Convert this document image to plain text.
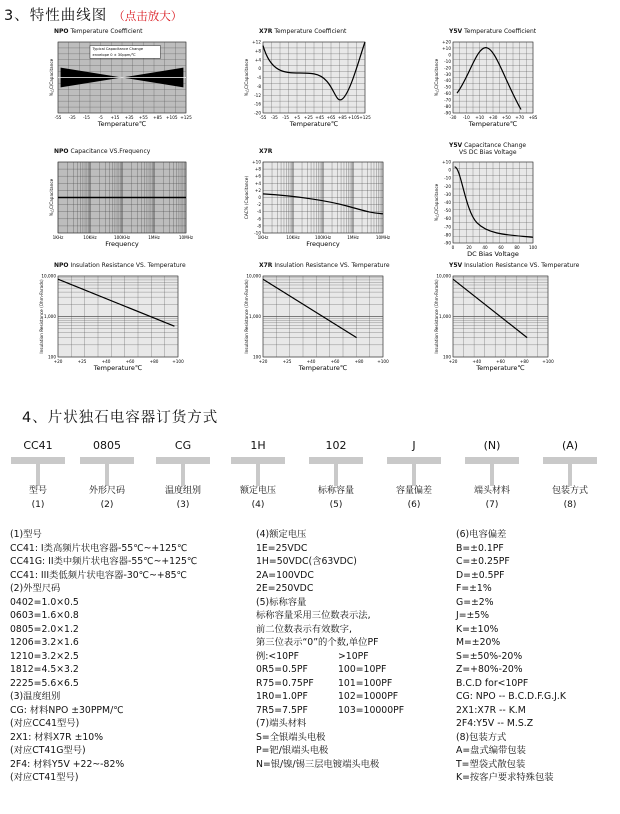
3、特性曲线图 （点击放大）
NPO Temperature Coefficient
Typical Capacitance Change
envelope 0 ± 30ppm/℃
-55 -35 -15 -5 +15 +35 +55 +85 +105 +125
Temperature℃
%△C/Capacitance
X7R Temperature Coefficient
+12
+8
+4
0
-4
-8
-12
-16
-20
-55 -35 -15 +5 +25 +45 +65 +85 +105 +125
Temperature℃
%△C/Capacitance
Y5V Temperature Coefficient
+20
+10
0
-10
-20
-30
-40
-50
-60
-70
-80
-90
-30 -10 +10 +30 +50 +70 +85
Temperature℃
%△C/Capacitance
NPO Capacitance VS.Frequency
1KHz	10KHz	100KHz	1MHz	10MHz
Frequency
%△C/Capacitance
X7R
+10
+8
+6
+4
+2
0
-2
-4
-6
-8
-10
1KHz	10KHz	100KHz	1MHz	10MHz
Frequency
CAC% (Capacitance)
Y5V Capacitance Change
VS DC Bias Voltage
+10
0
-10
-20
-30
-40
-50
-60
-70
-80
-90
0	20	40	60	80 100
DC Bias Voltage
%△C/Capacitance
NPO Insulation Resistance VS. Temperature
10,000
1,000
100
+20	+25	+40	+60	+80	+100
Temperature℃
Insulation Resistance (Ohm-Farads)
X7R Insulation Resistance VS. Temperature
10,000
1,000
100
+20	+25	+40	+60	+80	+100
Temperature℃
Insulation Resistance (Ohm-Farads)
Y5V Insulation Resistance VS. Temperature
10,000
1,000
100
+20	+40	+60	+80	+100
Temperature℃
Insulation Resistance (Ohm-Farads)
4、片状独石电容器订货方式
CC41
型号
(1)
0805
外形尺码
(2)
CG
温度组别
(3)
1H
额定电压
(4)
102
标称容量
(5)
J
容量偏差
(6)
(N)
端头材料
(7)
(A)
包装方式
(8)
(1)型号
CC41: I类高频片状电容器-55℃~+125℃
CC41G: II类中频片状电容器-55℃~+125℃
CC41: III类低频片状电容器-30℃~+85℃
(2)外型尺码
0402=1.0×0.5
0603=1.6×0.8
0805=2.0×1.2
1206=3.2×1.6
1210=3.2×2.5
1812=4.5×3.2
2225=5.6×6.5
(3)温度组别
CG: 材料NPO ±30PPM/℃
(对应CC41型号)
2X1: 材料X7R ±10%
(对应CT41G型号)
2F4: 材料Y5V +22~-82%
(对应CT41型号)
(4)额定电压
1E=25VDC
1H=50VDC(含63VDC)
2A=100VDC
2E=250VDC
(5)标称容量
标称容量采用三位数表示法,
前二位数表示有效数字,
第三位表示“0”的个数,单位PF
例:<10PF	>10PF
0R5=0.5PF	100=10PF
R75=0.75PF	101=100PF
1R0=1.0PF	102=1000PF
7R5=7.5PF	103=10000PF
(7)端头材料
S=全银端头电极
P=钯/银端头电极
N=银/镍/锡三层电镀端头电极
(6)电容偏差
B=±0.1PF
C=±0.25PF
D=±0.5PF
F=±1%
G=±2%
J=±5%
K=±10%
M=±20%
S=±50%-20%
Z=+80%-20%
B.C.D for<10PF
CG: NPO -- B.C.D.F.G.J.K
2X1:X7R -- K.M
2F4:Y5V -- M.S.Z
(8)包装方式
A=盘式编带包装
T=塑袋式散包装
K=按客户要求特殊包装
